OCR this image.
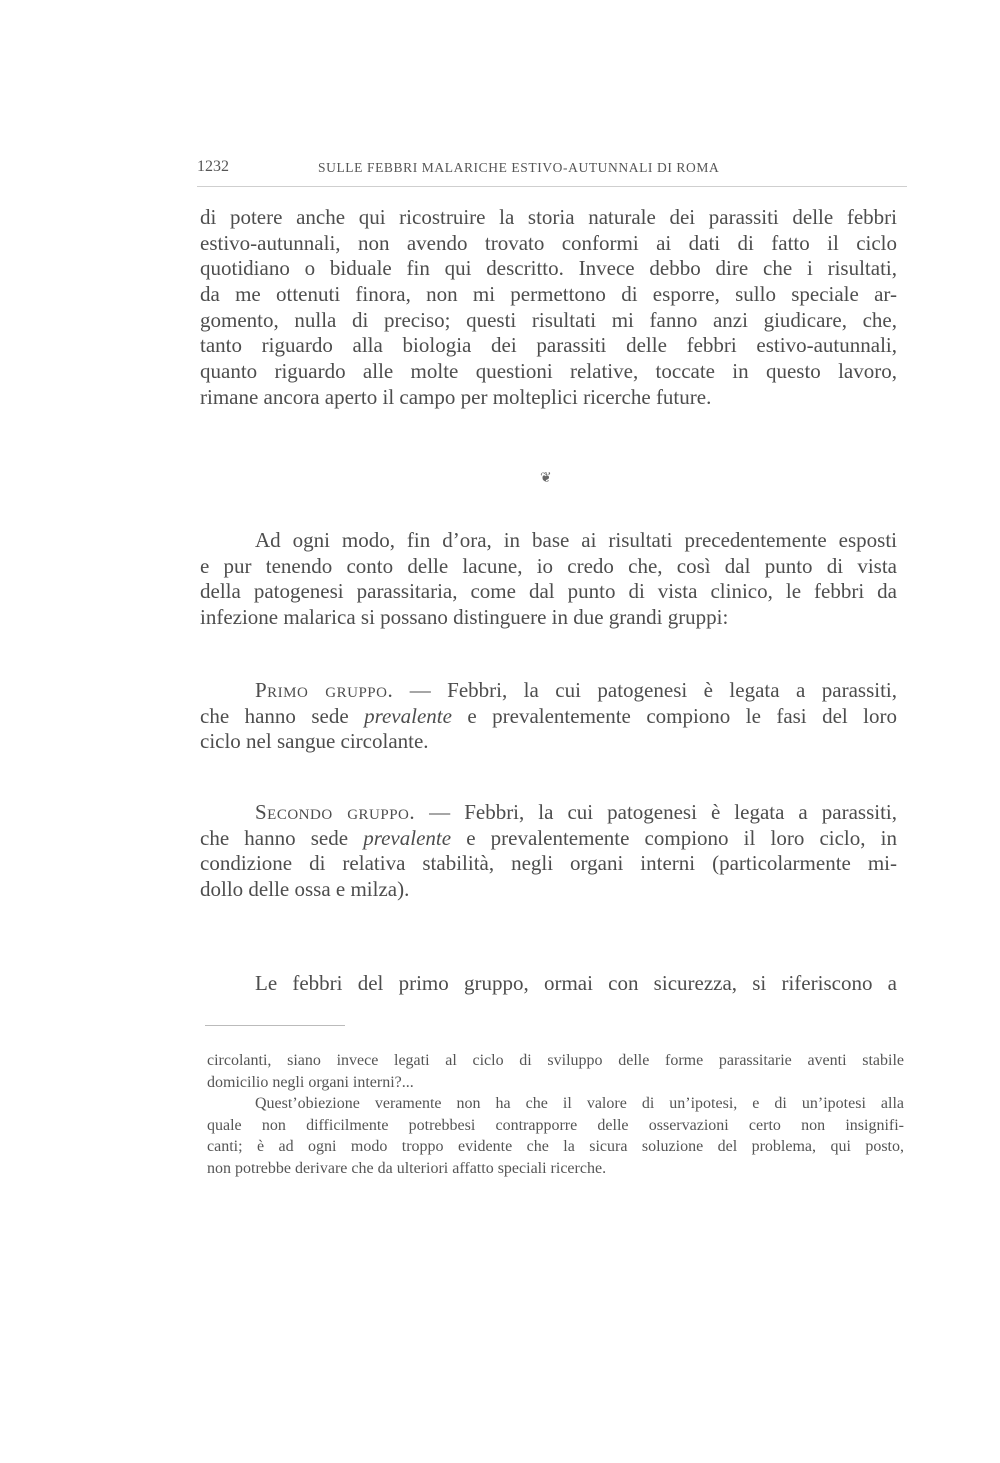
1232	SULLE FEBBRI MALARICHE ESTIVO-AUTUNNALI DI ROMA
di potere anche qui ricostruire la storia naturale dei parassiti delle febbri
estivo-autunnali, non avendo trovato conformi ai dati di fatto il ciclo
quotidiano o biduale fin qui descritto. Invece debbo dire che i risultati,
da me ottenuti finora, non mi permettono di esporre, sullo speciale ar-
gomento, nulla di preciso; questi risultati mi fanno anzi giudicare, che,
tanto riguardo alla biologia dei parassiti delle febbri estivo-autunnali,
quanto riguardo alle molte questioni relative, toccate in questo lavoro,
rimane ancora aperto il campo per molteplici ricerche future.
❦
Ad ogni modo, fin d’ora, in base ai risultati precedentemente esposti
e pur tenendo conto delle lacune, io credo che, così dal punto di vista
della patogenesi parassitaria, come dal punto di vista clinico, le febbri da
infezione malarica si possano distinguere in due grandi gruppi:
Primo gruppo. — Febbri, la cui patogenesi è legata a parassiti,
che hanno sede prevalente e prevalentemente compiono le fasi del loro
ciclo nel sangue circolante.
Secondo gruppo. — Febbri, la cui patogenesi è legata a parassiti,
che hanno sede prevalente e prevalentemente compiono il loro ciclo, in
condizione di relativa stabilità, negli organi interni (particolarmente mi-
dollo delle ossa e milza).
Le febbri del primo gruppo, ormai con sicurezza, si riferiscono a
circolanti, siano invece legati al ciclo di sviluppo delle forme parassitarie aventi stabile
domicilio negli organi interni?...
Quest’obiezione veramente non ha che il valore di un’ipotesi, e di un’ipotesi alla
quale non difficilmente potrebbesi contrapporre delle osservazioni certo non insignifi-
canti; è ad ogni modo troppo evidente che la sicura soluzione del problema, qui posto,
non potrebbe derivare che da ulteriori affatto speciali ricerche.
